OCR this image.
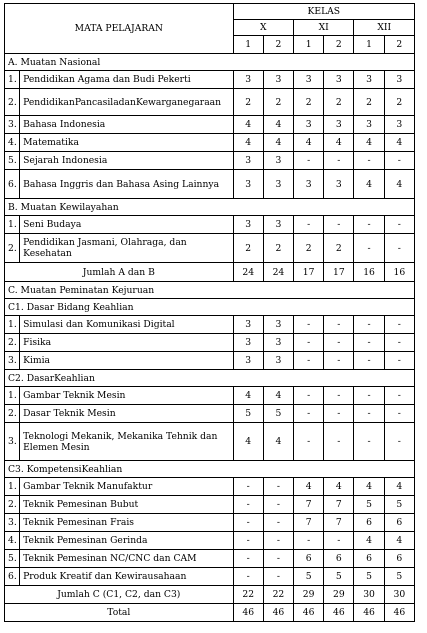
MATA PELAJARAN		KELAS					
		X		XI		XII	
		1	2	1	2	1	2
A. Muatan Nasional							
1.	Pendidikan Agama dan Budi Pekerti	3	3	3	3	3	3
2.	PendidikanPancasiladanKewarganegaraan	2	2	2	2	2	2
3.	Bahasa Indonesia	4	4	3	3	3	3
4.	Matematika	4	4	4	4	4	4
5.	Sejarah Indonesia	3	3	-	-	-	-
6.	Bahasa Inggris dan Bahasa Asing Lainnya	3	3	3	3	4	4
B. Muatan Kewilayahan							
1.	Seni Budaya	3	3	-	-	-	-
2.	Pendidikan Jasmani, Olahraga, dan Kesehatan	2	2	2	2	-	-
Jumlah A dan B		24	24	17	17	16	16
C. Muatan Peminatan Kejuruan							
C1. Dasar Bidang Keahlian							
1.	Simulasi dan Komunikasi Digital	3	3	-	-	-	-
2.	Fisika	3	3	-	-	-	-
3.	Kimia	3	3	-	-	-	-
C2. DasarKeahlian							
1.	Gambar Teknik Mesin	4	4	-	-	-	-
2.	Dasar Teknik Mesin	5	5	-	-	-	-
3.	Teknologi Mekanik, Mekanika Tehnik dan Elemen Mesin	4	4	-	-	-	-
C3. KompetensiKeahlian							
1.	Gambar Teknik Manufaktur	-	-	4	4	4	4
2.	Teknik Pemesinan Bubut	-	-	7	7	5	5
3.	Teknik Pemesinan Frais	-	-	7	7	6	6
4.	Teknik Pemesinan Gerinda	-	-	-	-	4	4
5.	Teknik Pemesinan NC/CNC dan CAM	-	-	6	6	6	6
6.	Produk Kreatif dan Kewirausahaan	-	-	5	5	5	5
Jumlah C (C1, C2, dan C3)		22	22	29	29	30	30
Total		46	46	46	46	46	46
